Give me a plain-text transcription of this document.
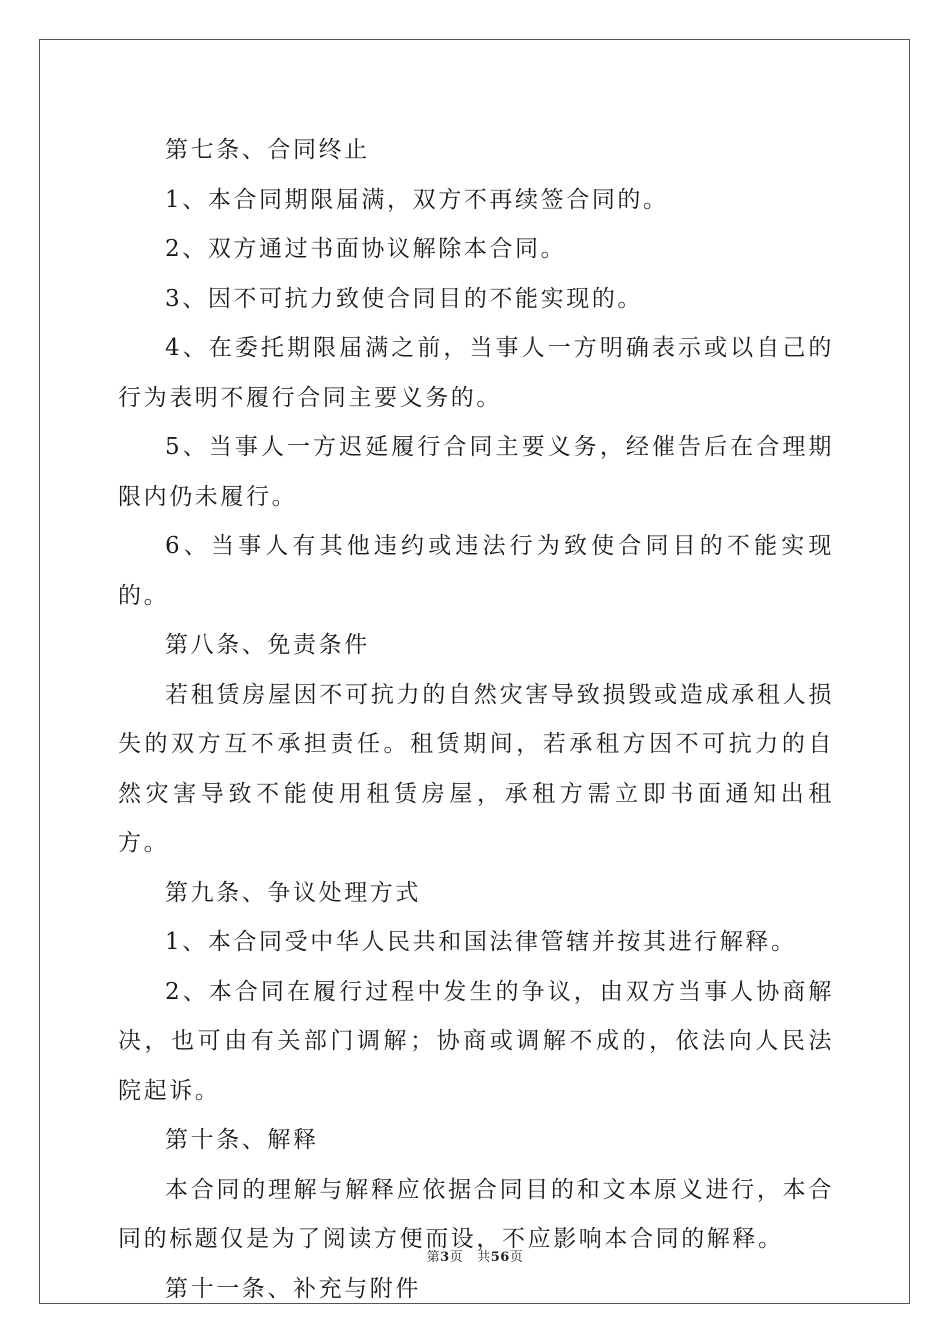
第七条、合同终止

1、本合同期限届满，双方不再续签合同的。

2、双方通过书面协议解除本合同。

3、因不可抗力致使合同目的不能实现的。

4、在委托期限届满之前，当事人一方明确表示或以自己的行为表明不履行合同主要义务的。

5、当事人一方迟延履行合同主要义务，经催告后在合理期限内仍未履行。

6、当事人有其他违约或违法行为致使合同目的不能实现的。

第八条、免责条件

若租赁房屋因不可抗力的自然灾害导致损毁或造成承租人损失的双方互不承担责任。租赁期间，若承租方因不可抗力的自然灾害导致不能使用租赁房屋，承租方需立即书面通知出租方。

第九条、争议处理方式

1、本合同受中华人民共和国法律管辖并按其进行解释。

2、本合同在履行过程中发生的争议，由双方当事人协商解决，也可由有关部门调解；协商或调解不成的，依法向人民法院起诉。

第十条、解释

本合同的理解与解释应依据合同目的和文本原义进行，本合同的标题仅是为了阅读方便而设，不应影响本合同的解释。

第十一条、补充与附件

第3页 共56页
